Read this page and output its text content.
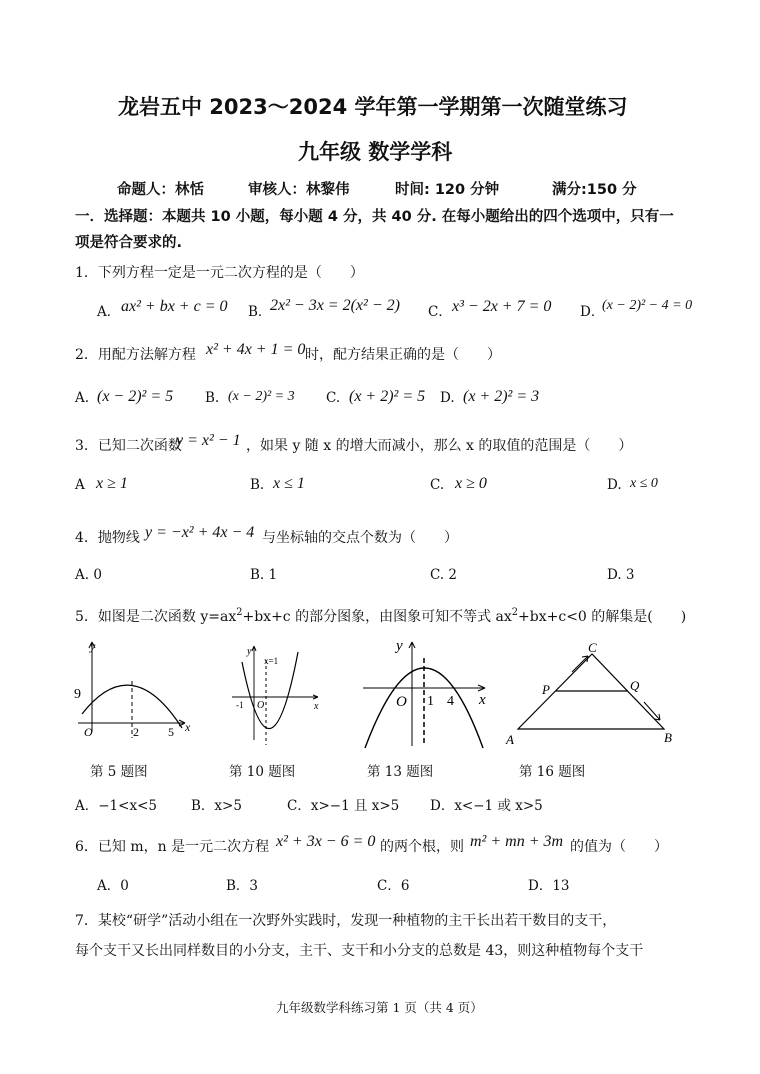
龙岩五中 2023～2024 学年第一学期第一次随堂练习
九年级 数学学科
命题人：林恬	审核人：林黎伟	时间: 120 分钟	满分:150 分
一．选择题：本题共 10 小题，每小题 4 分，共 40 分. 在每小题给出的四个选项中，只有一
项是符合要求的.
1．下列方程一定是一元二次方程的是（　　）
A． ax² + bx + c = 0 B．
2x² − 3x = 2(x² − 2) C． x³ − 2x + 7 = 0 D．
(x − 2)² − 4 = 0
2．用配方法解方程 x² + 4x + 1 = 0 时，配方结果正确的是（　　）
A. (x − 2)² = 5 B. (x − 2)² = 3 C. (x + 2)² = 5 D. (x + 2)² = 3
3．已知二次函数
y = x² − 1 ，如果 y 随 x 的增大而减小，那么 x 的取值的范围是（　　）
A x ≥ 1	B. x ≤ 1	C. x ≥ 0	D. x ≤ 0
4．抛物线 y = −x² + 4x − 4 与坐标轴的交点个数为（　　）
A. 0	B. 1	C. 2	D. 3
5．如图是二次函数 $y=ax^2+bx+c$ 的部分图象，由图象可知不等式 $ax^2+bx+c<0$ 的解集是(　　)
y
x
O
9
2 5
第 5 题图
y
x
O
-1
x=1
第 10 题图
y
x
O 1 4
第 13 题图
A	B
C
P	Q
第 16 题图
A．−1<x<5	B．x>5	C．x>−1 且 x>5 D．x<−1 或 x>5
6．已知 m，n 是一元二次方程 x² + 3x − 6 = 0 的两个根，则 m² + mn + 3m 的值为（　　）
A．0	B．3	C．6	D．13
7．某校“研学”活动小组在一次野外实践时，发现一种植物的主干长出若干数目的支干，
每个支干又长出同样数目的小分支，主干、支干和小分支的总数是 43，则这种植物每个支干
九年级数学科练习第 1 页（共 4 页）
